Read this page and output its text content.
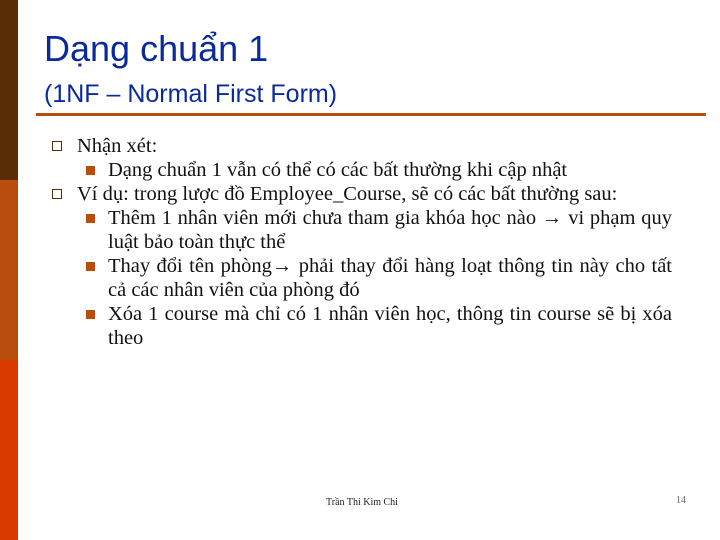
Dạng chuẩn 1
(1NF – Normal First Form)
Nhận xét:
Dạng chuẩn 1 vẫn có thể có các bất thường khi cập nhật
Ví dụ: trong lược đồ Employee_Course, sẽ có các bất thường sau:
Thêm 1 nhân viên mới chưa tham gia khóa học nào → vi phạm quy luật bảo toàn thực thể
Thay đổi tên phòng→ phải thay đổi hàng loạt thông tin này cho tất cả các nhân viên của phòng đó
Xóa 1 course mà chỉ có 1 nhân viên học, thông tin course sẽ bị xóa theo
Trần Thi Kim Chi	14
